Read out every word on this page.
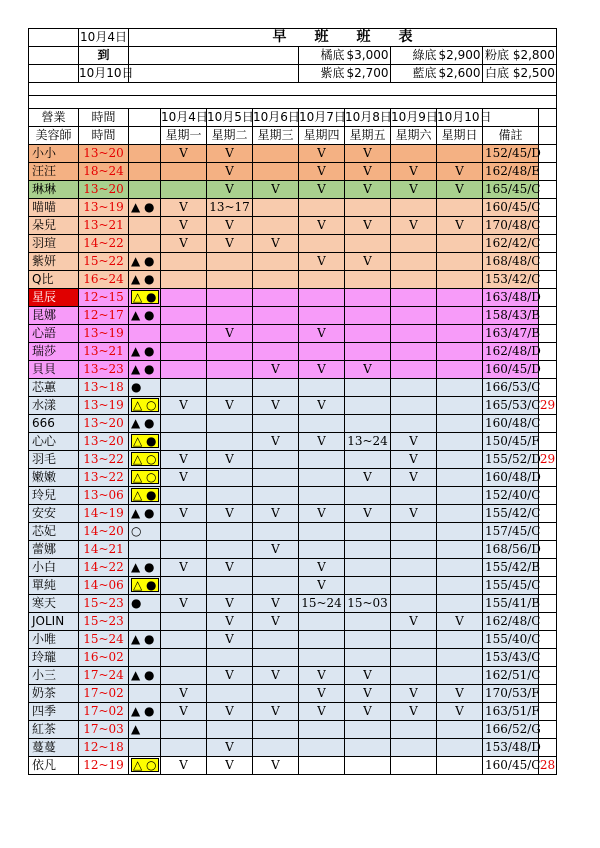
	10月4日	早 班 班 表									
	到					橘底	$3,000	綠底	$2,900	粉底 $2,800	
	10月10日					紫底	$2,700	藍底	$2,600	白底 $2,500	

營業	時間		10月4日	10月5日	10月6日	10月7日	10月8日	10月9日	10月10日		
美容師	時間		星期一	星期二	星期三	星期四	星期五	星期六	星期日	備註	
小小	13~20		V	V		V	V			152/45/D	
汪汪	18~24			V		V	V	V	V	162/48/E	
琳琳	13~20			V	V	V	V	V	V	165/45/C	
喵喵	13~19	▲ ●	V	13~17						160/45/C	
朵兒	13~21		V	V		V	V	V	V	170/48/C	
羽瑄	14~22		V	V	V					162/42/C	
紫妍	15~22	▲ ●				V	V			168/48/C	
Q比	16~24	▲ ●								153/42/C	
星辰	12~15	△ ●								163/48/D	
昆娜	12~17	▲ ●								158/43/B	
心語	13~19			V		V				163/47/B	
瑞莎	13~21	▲ ●								162/48/D	
貝貝	13~23	▲ ●			V	V	V			160/45/D	
芯蕙	13~18	●								166/53/C	
水漾	13~19	△ ○	V	V	V	V				165/53/C	29
666	13~20	▲ ●								160/48/C	
心心	13~20	△ ●			V	V	13~24	V		150/45/F	
羽毛	13~22	△ ○	V	V				V		155/52/D	29
嫩嫩	13~22	△ ○	V				V	V		160/48/D	
玲兒	13~06	△ ●								152/40/C	
安安	14~19	▲ ●	V	V	V	V	V	V		155/42/C	
芯妃	14~20	○								157/45/C	
蕾娜	14~21				V					168/56/D	
小白	14~22	▲ ●	V	V		V				155/42/B	
單純	14~06	△ ●				V				155/45/C	
寒天	15~23	●	V	V	V	15~24	15~03			155/41/B	
JOLIN	15~23			V	V			V	V	162/48/C	
小唯	15~24	▲ ●		V						155/40/C	
玲瓏	16~02									153/43/C	
小三	17~24	▲ ●		V	V	V	V			162/51/C	
奶茶	17~02		V			V	V	V	V	170/53/F	
四季	17~02	▲ ●	V	V	V	V	V	V	V	163/51/F	
紅茶	17~03	▲								166/52/G	
蔓蔓	12~18			V						153/48/D	
依凡	12~19	△ ○	V	V	V					160/45/C	28
